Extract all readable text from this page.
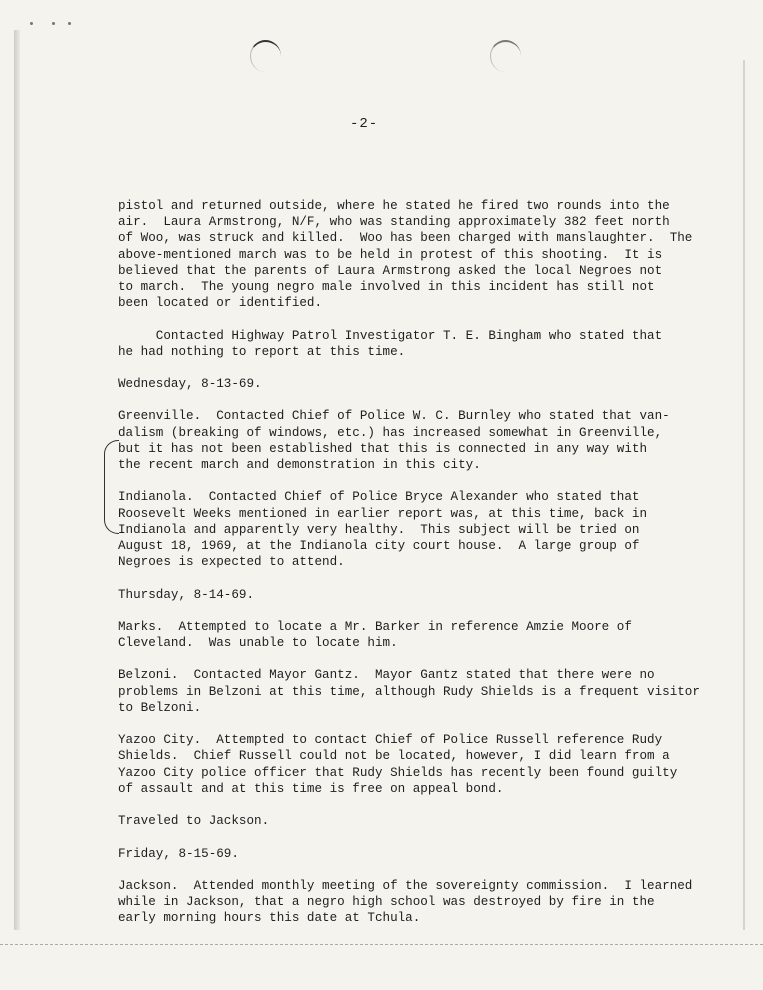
-2-
pistol and returned outside, where he stated he fired two rounds into the
air.  Laura Armstrong, N/F, who was standing approximately 382 feet north
of Woo, was struck and killed.  Woo has been charged with manslaughter.  The
above-mentioned march was to be held in protest of this shooting.  It is
believed that the parents of Laura Armstrong asked the local Negroes not
to march.  The young negro male involved in this incident has still not
been located or identified.
Contacted Highway Patrol Investigator T. E. Bingham who stated that
he had nothing to report at this time.
Wednesday, 8-13-69.
Greenville.  Contacted Chief of Police W. C. Burnley who stated that van-
dalism (breaking of windows, etc.) has increased somewhat in Greenville,
but it has not been established that this is connected in any way with
the recent march and demonstration in this city.
Indianola.  Contacted Chief of Police Bryce Alexander who stated that
Roosevelt Weeks mentioned in earlier report was, at this time, back in
Indianola and apparently very healthy.  This subject will be tried on
August 18, 1969, at the Indianola city court house.  A large group of
Negroes is expected to attend.
Thursday, 8-14-69.
Marks.  Attempted to locate a Mr. Barker in reference Amzie Moore of
Cleveland.  Was unable to locate him.
Belzoni.  Contacted Mayor Gantz.  Mayor Gantz stated that there were no
problems in Belzoni at this time, although Rudy Shields is a frequent visitor
to Belzoni.
Yazoo City.  Attempted to contact Chief of Police Russell reference Rudy
Shields.  Chief Russell could not be located, however, I did learn from a
Yazoo City police officer that Rudy Shields has recently been found guilty
of assault and at this time is free on appeal bond.
Traveled to Jackson.
Friday, 8-15-69.
Jackson.  Attended monthly meeting of the sovereignty commission.  I learned
while in Jackson, that a negro high school was destroyed by fire in the
early morning hours this date at Tchula.
